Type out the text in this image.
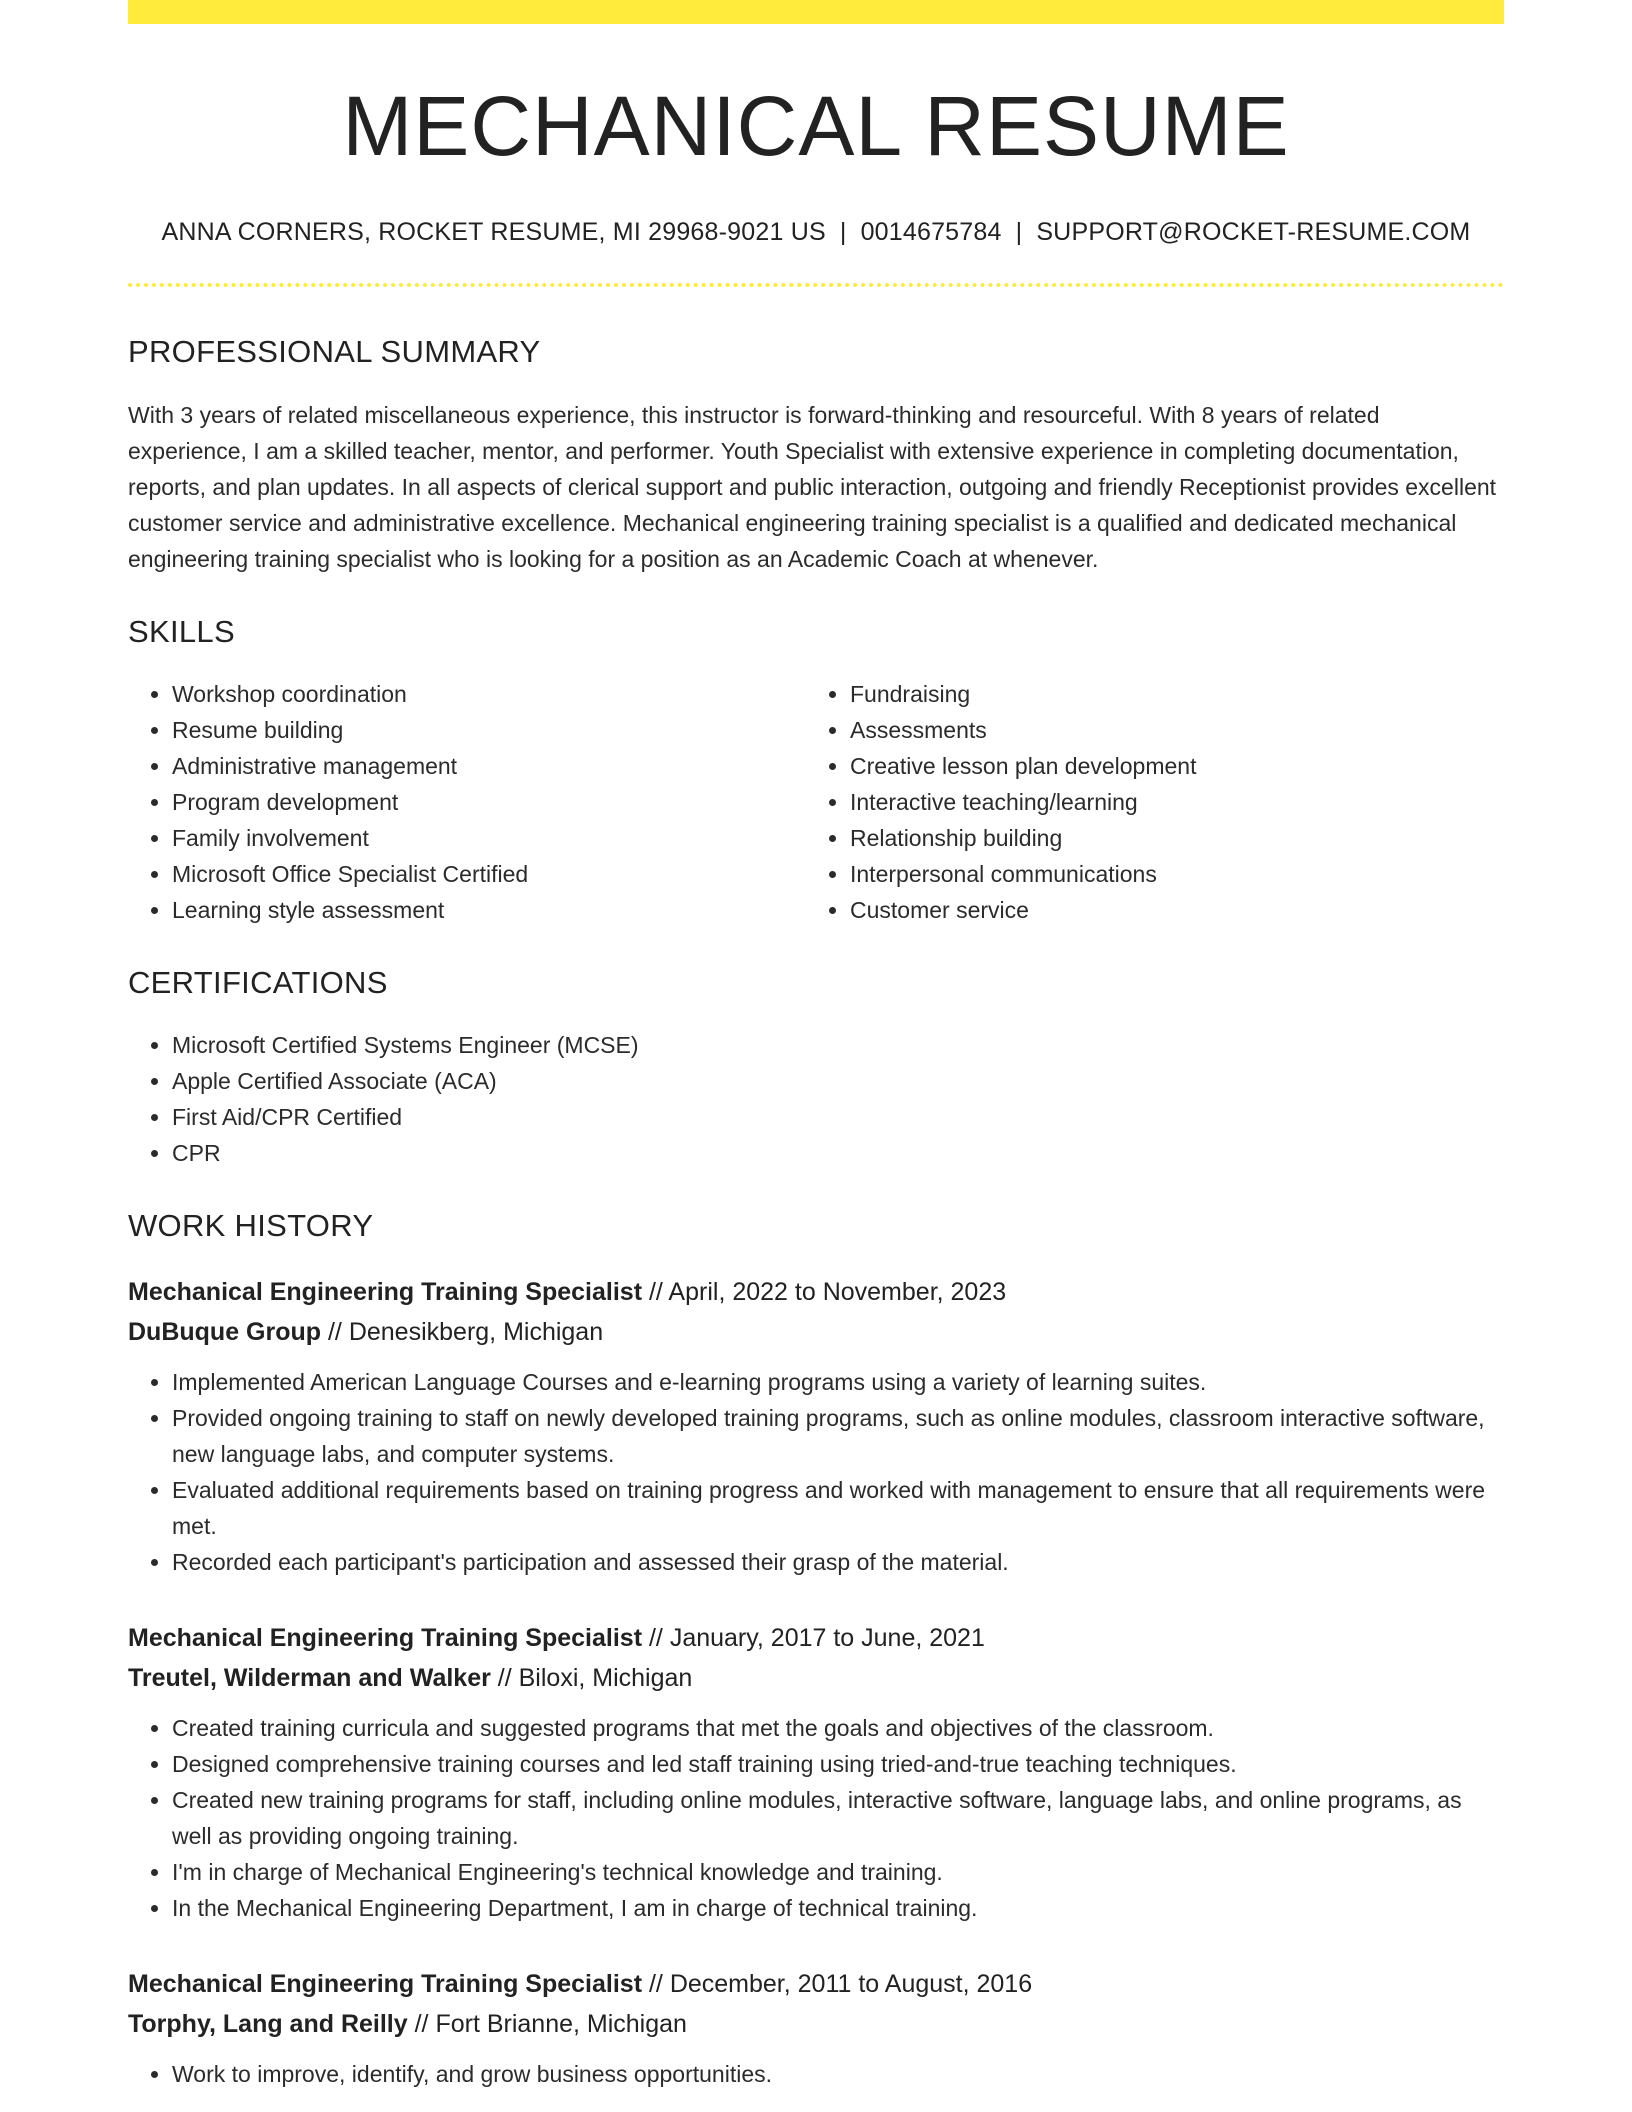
MECHANICAL RESUME
ANNA CORNERS, ROCKET RESUME, MI 29968-9021 US | 0014675784 | SUPPORT@ROCKET-RESUME.COM
PROFESSIONAL SUMMARY
With 3 years of related miscellaneous experience, this instructor is forward-thinking and resourceful. With 8 years of related experience, I am a skilled teacher, mentor, and performer. Youth Specialist with extensive experience in completing documentation, reports, and plan updates. In all aspects of clerical support and public interaction, outgoing and friendly Receptionist provides excellent customer service and administrative excellence. Mechanical engineering training specialist is a qualified and dedicated mechanical engineering training specialist who is looking for a position as an Academic Coach at whenever.
SKILLS
• Workshop coordination
• Resume building
• Administrative management
• Program development
• Family involvement
• Microsoft Office Specialist Certified
• Learning style assessment
• Fundraising
• Assessments
• Creative lesson plan development
• Interactive teaching/learning
• Relationship building
• Interpersonal communications
• Customer service
CERTIFICATIONS
• Microsoft Certified Systems Engineer (MCSE)
• Apple Certified Associate (ACA)
• First Aid/CPR Certified
• CPR
WORK HISTORY
Mechanical Engineering Training Specialist // April, 2022 to November, 2023
DuBuque Group // Denesikberg, Michigan
• Implemented American Language Courses and e-learning programs using a variety of learning suites.
• Provided ongoing training to staff on newly developed training programs, such as online modules, classroom interactive software, new language labs, and computer systems.
• Evaluated additional requirements based on training progress and worked with management to ensure that all requirements were met.
• Recorded each participant's participation and assessed their grasp of the material.
Mechanical Engineering Training Specialist // January, 2017 to June, 2021
Treutel, Wilderman and Walker // Biloxi, Michigan
• Created training curricula and suggested programs that met the goals and objectives of the classroom.
• Designed comprehensive training courses and led staff training using tried-and-true teaching techniques.
• Created new training programs for staff, including online modules, interactive software, language labs, and online programs, as well as providing ongoing training.
• I'm in charge of Mechanical Engineering's technical knowledge and training.
• In the Mechanical Engineering Department, I am in charge of technical training.
Mechanical Engineering Training Specialist // December, 2011 to August, 2016
Torphy, Lang and Reilly // Fort Brianne, Michigan
• Work to improve, identify, and grow business opportunities.
